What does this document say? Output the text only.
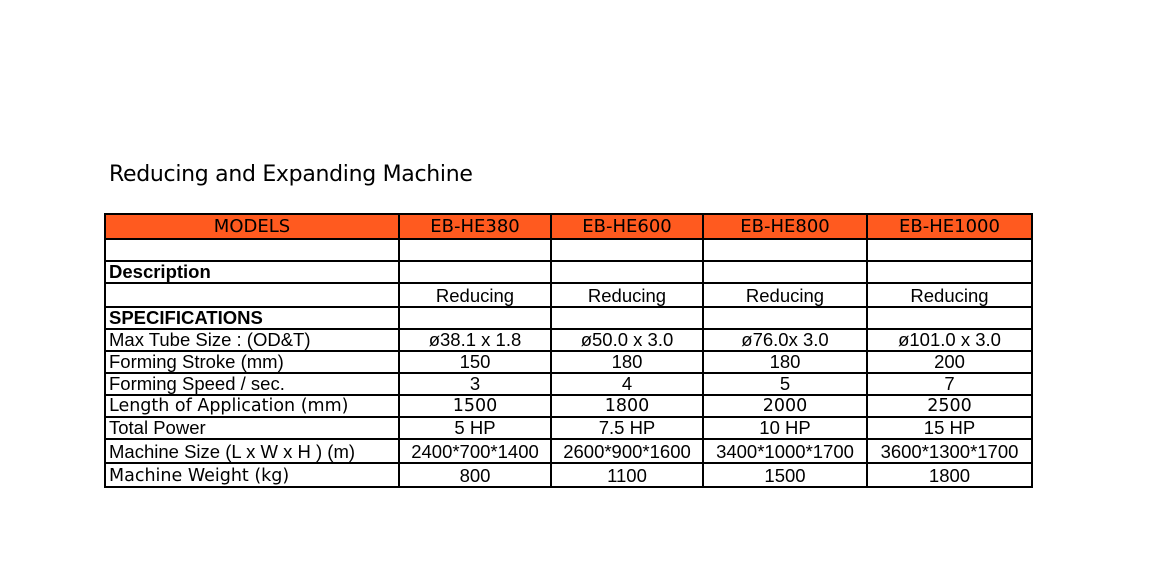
Reducing and Expanding Machine
MODELS	EB-HE380	EB-HE600	EB-HE800	EB-HE1000

Description				
	Reducing	Reducing	Reducing	Reducing
SPECIFICATIONS				
Max Tube Size : (OD&T)	ø38.1 x 1.8	ø50.0 x 3.0	ø76.0x 3.0	ø101.0 x 3.0
Forming Stroke (mm)	150	180	180	200
Forming Speed / sec.	3	4	5	7
Length of Application (mm)	1500	1800	2000	2500
Total Power	5 HP	7.5 HP	10 HP	15 HP
Machine Size (L x W x H ) (m)	2400*700*1400	2600*900*1600	3400*1000*1700	3600*1300*1700
Machine Weight (kg)	800	1100	1500	1800
